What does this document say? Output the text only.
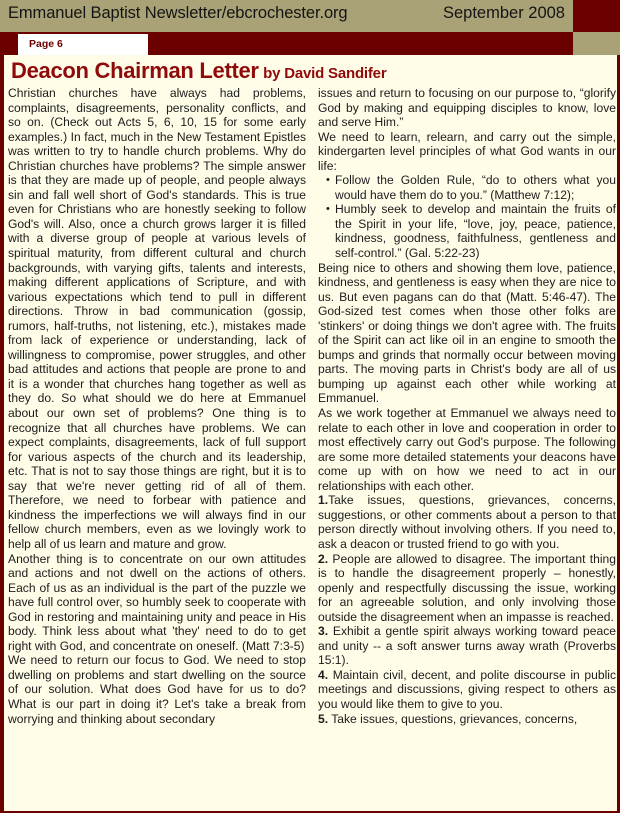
Emmanuel Baptist Newsletter/ebcrochester.org	September 2008
Page 6
Deacon Chairman Letter by David Sandifer

Christian churches have always had problems, complaints, disagreements, personality conflicts, and so on. (Check out Acts 5, 6, 10, 15 for some early examples.) In fact, much in the New Testament Epistles was written to try to handle church problems. Why do Christian churches have problems? The simple answer is that they are made up of people, and people always sin and fall well short of God's standards. This is true even for Christians who are honestly seeking to follow God's will. Also, once a church grows larger it is filled with a diverse group of people at various levels of spiritual maturity, from different cultural and church backgrounds, with varying gifts, talents and interests, making different applications of Scripture, and with various expectations which tend to pull in different directions. Throw in bad communication (gossip, rumors, half-truths, not listening, etc.), mistakes made from lack of experience or understanding, lack of willingness to compromise, power struggles, and other bad attitudes and actions that people are prone to and it is a wonder that churches hang together as well as they do. So what should we do here at Emmanuel about our own set of problems? One thing is to recognize that all churches have problems. We can expect complaints, disagreements, lack of full support for various aspects of the church and its leadership, etc. That is not to say those things are right, but it is to say that we're never getting rid of all of them. Therefore, we need to forbear with patience and kindness the imperfections we will always find in our fellow church members, even as we lovingly work to help all of us learn and mature and grow.

Another thing is to concentrate on our own attitudes and actions and not dwell on the actions of others. Each of us as an individual is the part of the puzzle we have full control over, so humbly seek to cooperate with God in restoring and maintaining unity and peace in His body. Think less about what 'they' need to do to get right with God, and concentrate on oneself. (Matt 7:3-5)

We need to return our focus to God. We need to stop dwelling on problems and start dwelling on the source of our solution. What does God have for us to do? What is our part in doing it? Let's take a break from worrying and thinking about secondary

issues and return to focusing on our purpose to, “glorify God by making and equipping disciples to know, love and serve Him.”

We need to learn, relearn, and carry out the simple, kindergarten level principles of what God wants in our life:

• Follow the Golden Rule, “do to others what you would have them do to you.” (Matthew 7:12);
• Humbly seek to develop and maintain the fruits of the Spirit in your life, “love, joy, peace, patience, kindness, goodness, faithfulness, gentleness and self-control.” (Gal. 5:22-23)

Being nice to others and showing them love, patience, kindness, and gentleness is easy when they are nice to us. But even pagans can do that (Matt. 5:46-47). The God-sized test comes when those other folks are 'stinkers' or doing things we don't agree with. The fruits of the Spirit can act like oil in an engine to smooth the bumps and grinds that normally occur between moving parts. The moving parts in Christ's body are all of us bumping up against each other while working at Emmanuel.

As we work together at Emmanuel we always need to relate to each other in love and cooperation in order to most effectively carry out God's purpose. The following are some more detailed statements your deacons have come up with on how we need to act in our relationships with each other.

1.Take issues, questions, grievances, concerns, suggestions, or other comments about a person to that person directly without involving others. If you need to, ask a deacon or trusted friend to go with you.

2. People are allowed to disagree. The important thing is to handle the disagreement properly – honestly, openly and respectfully discussing the issue, working for an agreeable solution, and only involving those outside the disagreement when an impasse is reached.

3. Exhibit a gentle spirit always working toward peace and unity -- a soft answer turns away wrath (Proverbs 15:1).

4. Maintain civil, decent, and polite discourse in public meetings and discussions, giving respect to others as you would like them to give to you.

5. Take issues, questions, grievances, concerns,
